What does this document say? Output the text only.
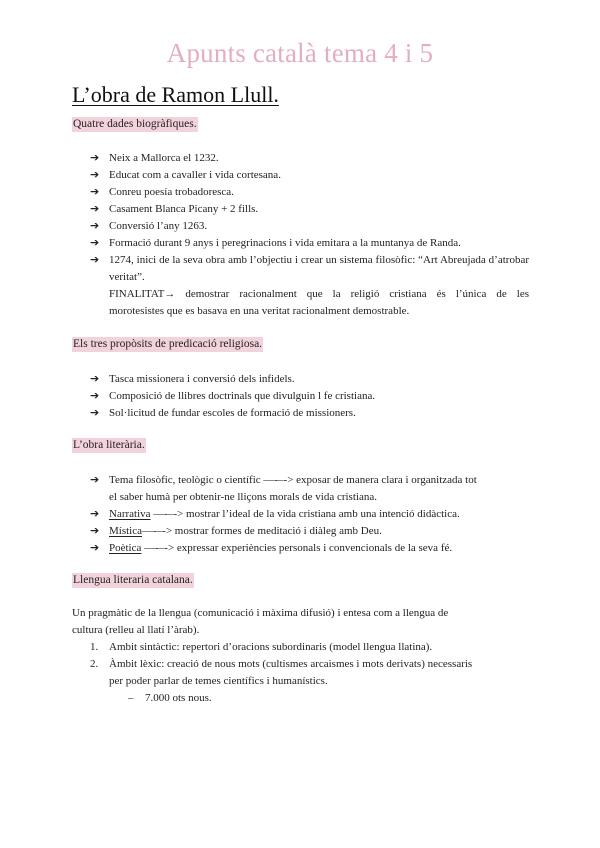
Apunts català tema 4 i 5
L’obra de Ramon Llull.
Quatre dades biogràfiques.
➔ Neix a Mallorca el 1232.
➔ Educat com a cavaller i vida cortesana.
➔ Conreu poesía trobadoresca.
➔ Casament Blanca Picany + 2 fills.
➔ Conversió l’any 1263.
➔ Formació durant 9 anys i peregrinacions i vida emitara a la muntanya de Randa.
➔ 1274, inici de la seva obra amb l’objectiu i crear un sistema filosòfic: “Art Abreujada d’atrobar veritat”.
FINALITAT→ demostrar racionalment que la religió cristiana és l’única de les
morotesistes que es basava en una veritat racionalment demostrable.
Els tres propòsits de predicació religiosa.
➔ Tasca missionera i conversió dels infidels.
➔ Composició de llibres doctrinals que divulguin l fe cristiana.
➔ Sol·licitud de fundar escoles de formació de missioners.
L’obra literària.
➔ Tema filosòfic, teològic o científic —-–-> exposar de manera clara i organitzada tot
el saber humà per obtenir-ne lliçons morals de vida cristiana.
➔ Narrativa —-–-> mostrar l’ideal de la vida cristiana amb una intenció didàctica.
➔ Mística—-–-> mostrar formes de meditació i diàleg amb Deu.
➔ Poètica —-–-> expressar experiències personals i convencionals de la seva fé.
Llengua literaria catalana.
Un pragmàtic de la llengua (comunicació i màxima difusió) i entesa com a llengua de
cultura (relleu al llatí l’àrab).
1. Ambit sintàctic: repertori d’oracions subordinaris (model llengua llatina).
2. Àmbit lèxic: creació de nous mots (cultismes arcaismes i mots derivats) necessaris
per poder parlar de temes científics i humanístics.
– 7.000 ots nous.
